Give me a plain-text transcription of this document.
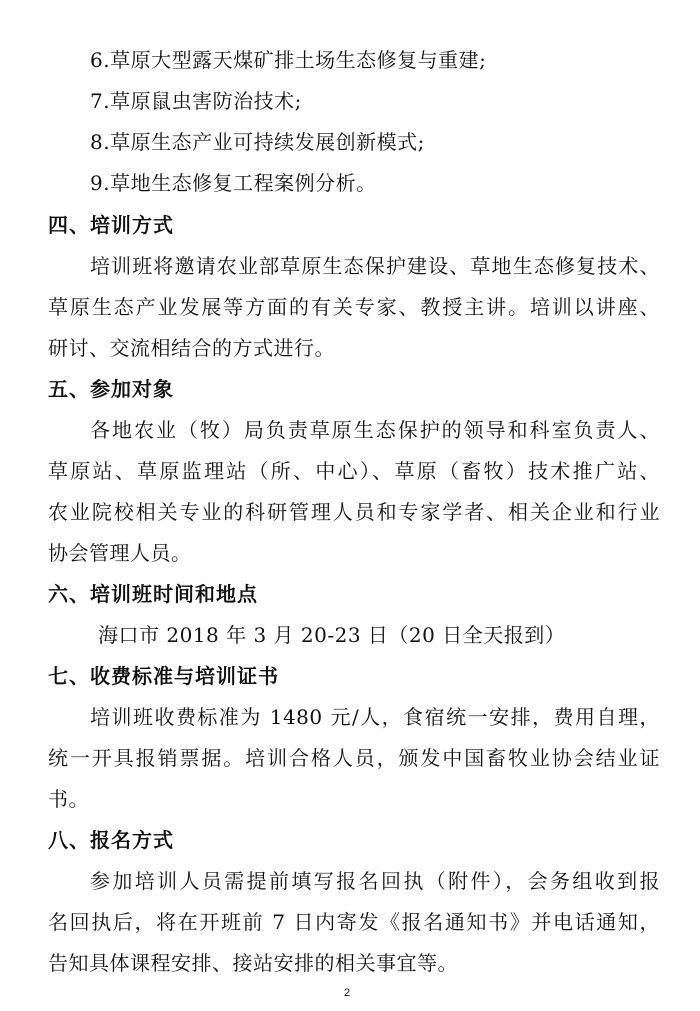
6.草原大型露天煤矿排土场生态修复与重建;
7.草原鼠虫害防治技术;
8.草原生态产业可持续发展创新模式;
9.草地生态修复工程案例分析。
四、培训方式
培训班将邀请农业部草原生态保护建设、草地生态修复技术、
草原生态产业发展等方面的有关专家、教授主讲。培训以讲座、
研讨、交流相结合的方式进行。
五、参加对象
各地农业（牧）局负责草原生态保护的领导和科室负责人、
草原站、草原监理站（所、中心）、草原（畜牧）技术推广站、
农业院校相关专业的科研管理人员和专家学者、相关企业和行业
协会管理人员。
六、培训班时间和地点
海口市 2018 年 3 月 20-23 日（20 日全天报到）
七、收费标准与培训证书
培训班收费标准为 1480 元/人，食宿统一安排，费用自理，
统一开具报销票据。培训合格人员，颁发中国畜牧业协会结业证
书。
八、报名方式
参加培训人员需提前填写报名回执（附件），会务组收到报
名回执后，将在开班前 7 日内寄发《报名通知书》并电话通知，
告知具体课程安排、接站安排的相关事宜等。
2
